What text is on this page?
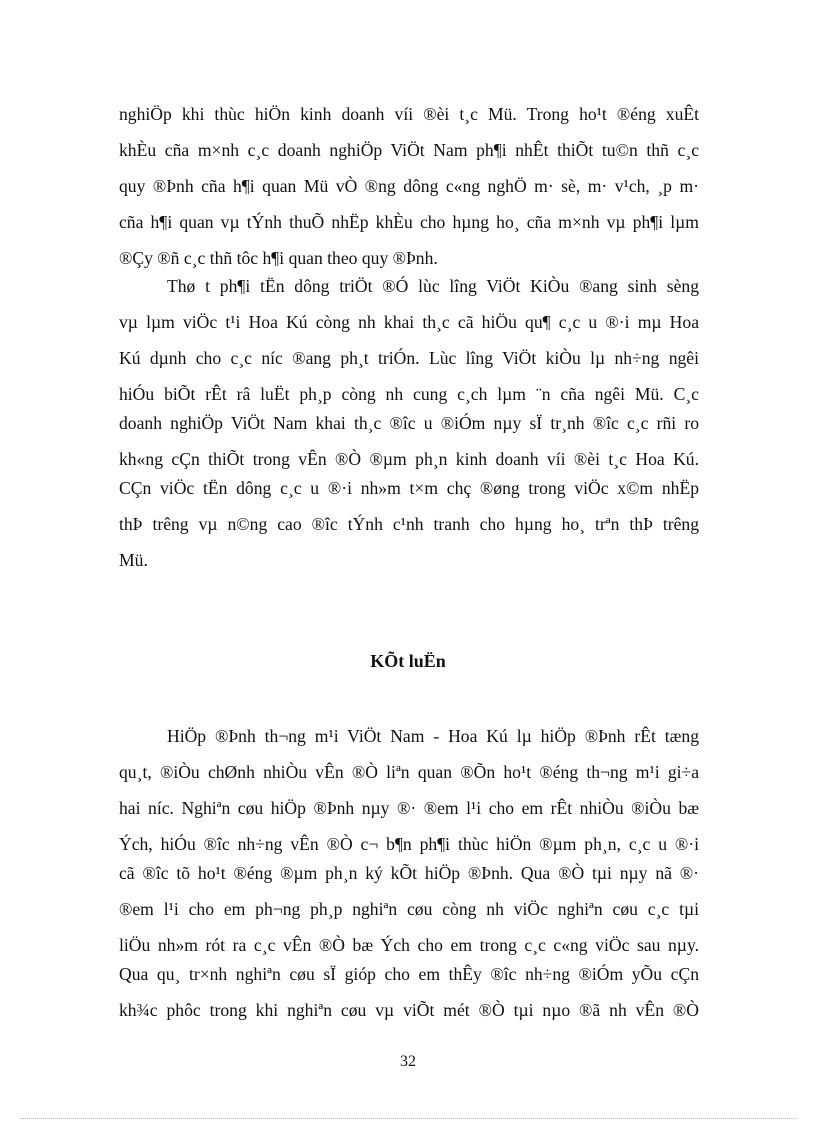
nghiÖp khi thùc hiÖn kinh doanh víi ®èi t¸c Mü. Trong ho¹t ®éng xuÊt
khÈu cña m×nh c¸c doanh nghiÖp ViÖt Nam ph¶i nhÊt thiÕt tu©n thñ c¸c
quy ®Þnh cña h¶i quan Mü vÒ ®ng dông c«ng nghÖ m· sè, m· v¹ch, ¸p m·
cña h¶i quan vµ tÝnh thuÕ nhËp khÈu cho hµng ho¸ cña m×nh vµ ph¶i lµm
®Çy ®ñ c¸c thñ tôc h¶i quan theo quy ®Þnh.
Thø t ph¶i tËn dông triÖt ®Ó lùc lîng ViÖt KiÒu ®ang sinh sèng
vµ lµm viÖc t¹i Hoa Kú còng nh khai th¸c cã hiÖu qu¶ c¸c u ®·i mµ Hoa
Kú dµnh cho c¸c níc ®ang ph¸t triÓn. Lùc lîng ViÖt kiÒu lµ nh÷ng ngêi
hiÓu biÕt rÊt râ luËt ph¸p còng nh cung c¸ch lµm ¨n cña ngêi Mü. C¸c
doanh nghiÖp ViÖt Nam khai th¸c ®îc u ®iÓm nµy sÏ tr¸nh ®îc c¸c rñi ro
kh«ng cÇn thiÕt trong vÊn ®Ò ®µm ph¸n kinh doanh víi ®èi t¸c Hoa Kú.
CÇn viÖc tËn dông c¸c u ®·i nh»m t×m chç ®øng trong viÖc x©m nhËp
thÞ trêng vµ n©ng cao ®îc tÝnh c¹nh tranh cho hµng ho¸ trªn thÞ trêng
Mü.
KÕt luËn
HiÖp ®Þnh th¬ng m¹i ViÖt Nam - Hoa Kú lµ hiÖp ®Þnh rÊt tæng
qu¸t, ®iÒu chØnh nhiÒu vÊn ®Ò liªn quan ®Õn ho¹t ®éng th¬ng m¹i gi÷a
hai níc. Nghiªn cøu hiÖp ®Þnh nµy ®· ®em l¹i cho em rÊt nhiÒu ®iÒu bæ
Ých, hiÓu ®îc nh÷ng vÊn ®Ò c¬ b¶n ph¶i thùc hiÖn ®µm ph¸n, c¸c u ®·i
cã ®îc tõ ho¹t ®éng ®µm ph¸n ký kÕt hiÖp ®Þnh. Qua ®Ò tµi nµy nã ®·
®em l¹i cho em ph¬ng ph¸p nghiªn cøu còng nh viÖc nghiªn cøu c¸c tµi
liÖu nh»m rót ra c¸c vÊn ®Ò bæ Ých cho em trong c¸c c«ng viÖc sau nµy.
Qua qu¸ tr×nh nghiªn cøu sÏ gióp cho em thÊy ®îc nh÷ng ®iÓm yÕu cÇn
kh¾c phôc trong khi nghiªn cøu vµ viÕt mét ®Ò tµi nµo ®ã nh vÊn ®Ò
32
